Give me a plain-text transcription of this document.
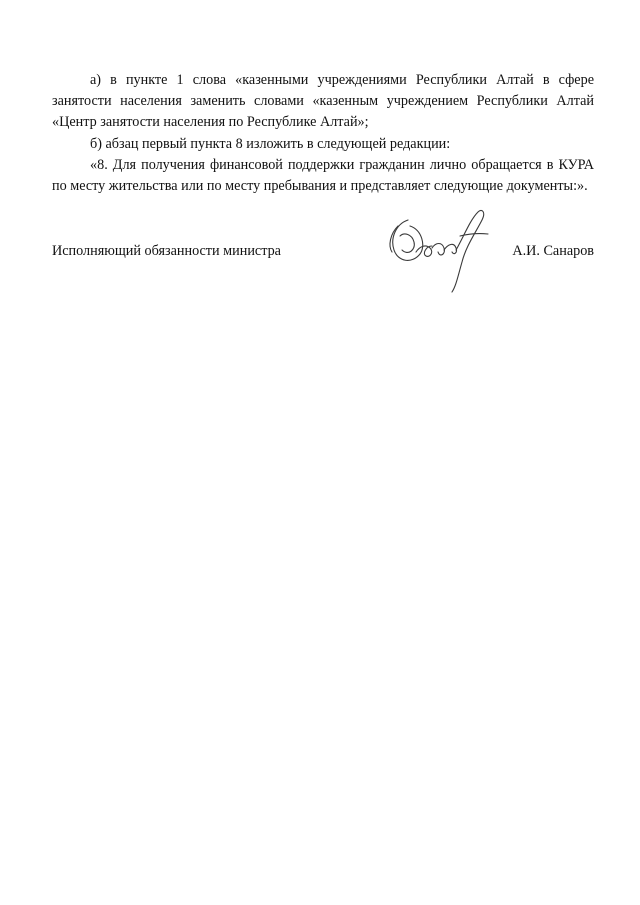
а) в пункте 1 слова «казенными учреждениями Республики Алтай в сфере занятости населения заменить словами «казенным учреждением Республики Алтай «Центр занятости населения по Республике Алтай»;

б) абзац первый пункта 8 изложить в следующей редакции:

«8. Для получения финансовой поддержки гражданин лично обращается в КУРА по месту жительства или по месту пребывания и представляет следующие документы:».

Исполняющий обязанности министра	А.И. Санаров
